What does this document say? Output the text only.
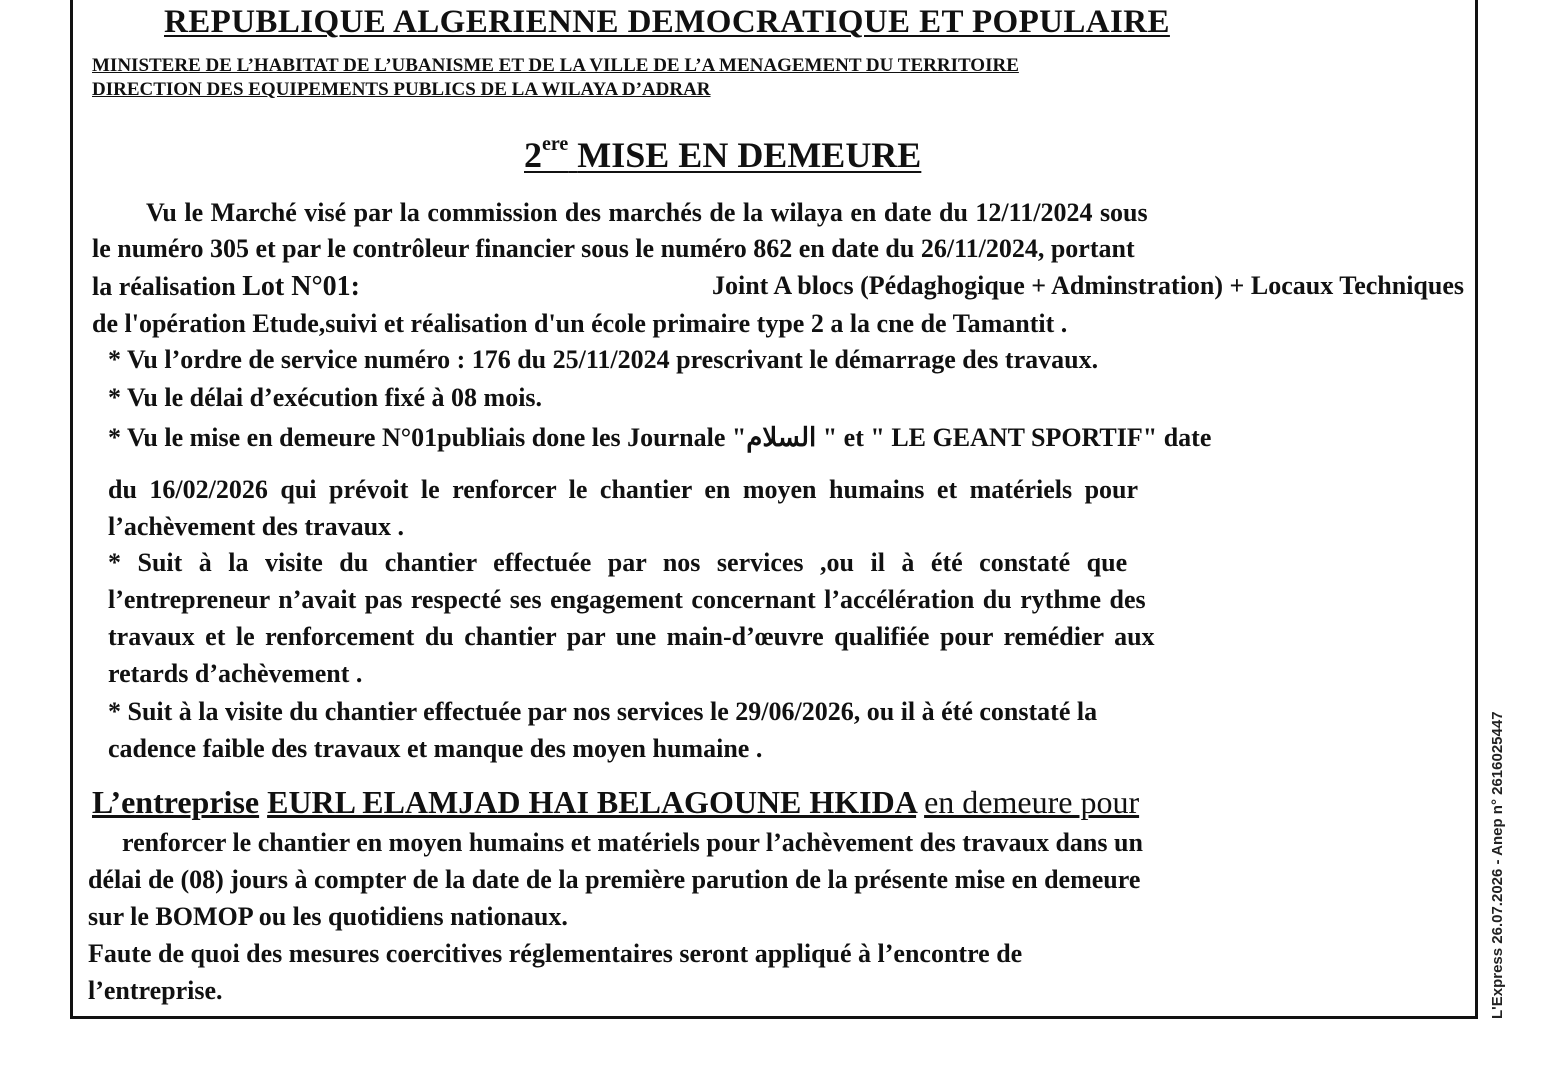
REPUBLIQUE ALGERIENNE DEMOCRATIQUE ET POPULAIRE
MINISTERE DE L’HABITAT DE L’UBANISME ET DE LA VILLE DE L’A MENAGEMENT DU TERRITOIRE
DIRECTION DES EQUIPEMENTS PUBLICS DE LA WILAYA D’ADRAR
2ere MISE EN DEMEURE
Vu le Marché visé par la commission des marchés de la wilaya en date du 12/11/2024 sous
le numéro 305 et par le contrôleur financier sous le numéro 862 en date du 26/11/2024, portant
la réalisation Lot N°01:	Joint A blocs (Pédaghogique + Adminstration) + Locaux Techniques
de l'opération Etude,suivi et réalisation d'un école primaire type 2 a la cne de Tamantit .
* Vu l’ordre de service numéro : 176 du 25/11/2024 prescrivant le démarrage des travaux.
* Vu le délai d’exécution fixé à 08 mois.
* Vu le mise en demeure N°01publiais done les Journale "السلام " et " LE GEANT SPORTIF" date
du 16/02/2026 qui prévoit le renforcer le chantier en moyen humains et matériels pour
l’achèvement des travaux .
* Suit à la visite du chantier effectuée par nos services ,ou il à été constaté que
l’entrepreneur n’avait pas respecté ses engagement concernant l’accélération du rythme des
travaux et le renforcement du chantier par une main-d’œuvre qualifiée pour remédier aux
retards d’achèvement .
* Suit à la visite du chantier effectuée par nos services le 29/06/2026, ou il à été constaté la
cadence faible des travaux et manque des moyen humaine .
L’entreprise EURL ELAMJAD HAI BELAGOUNE HKIDA en demeure pour
renforcer le chantier en moyen humains et matériels pour l’achèvement des travaux dans un
délai de (08) jours à compter de la date de la première parution de la présente mise en demeure
sur le BOMOP ou les quotidiens nationaux.
Faute de quoi des mesures coercitives réglementaires seront appliqué à l’encontre de
l’entreprise.	L'Express 26.07.2026 - Anep n° 2616025447
